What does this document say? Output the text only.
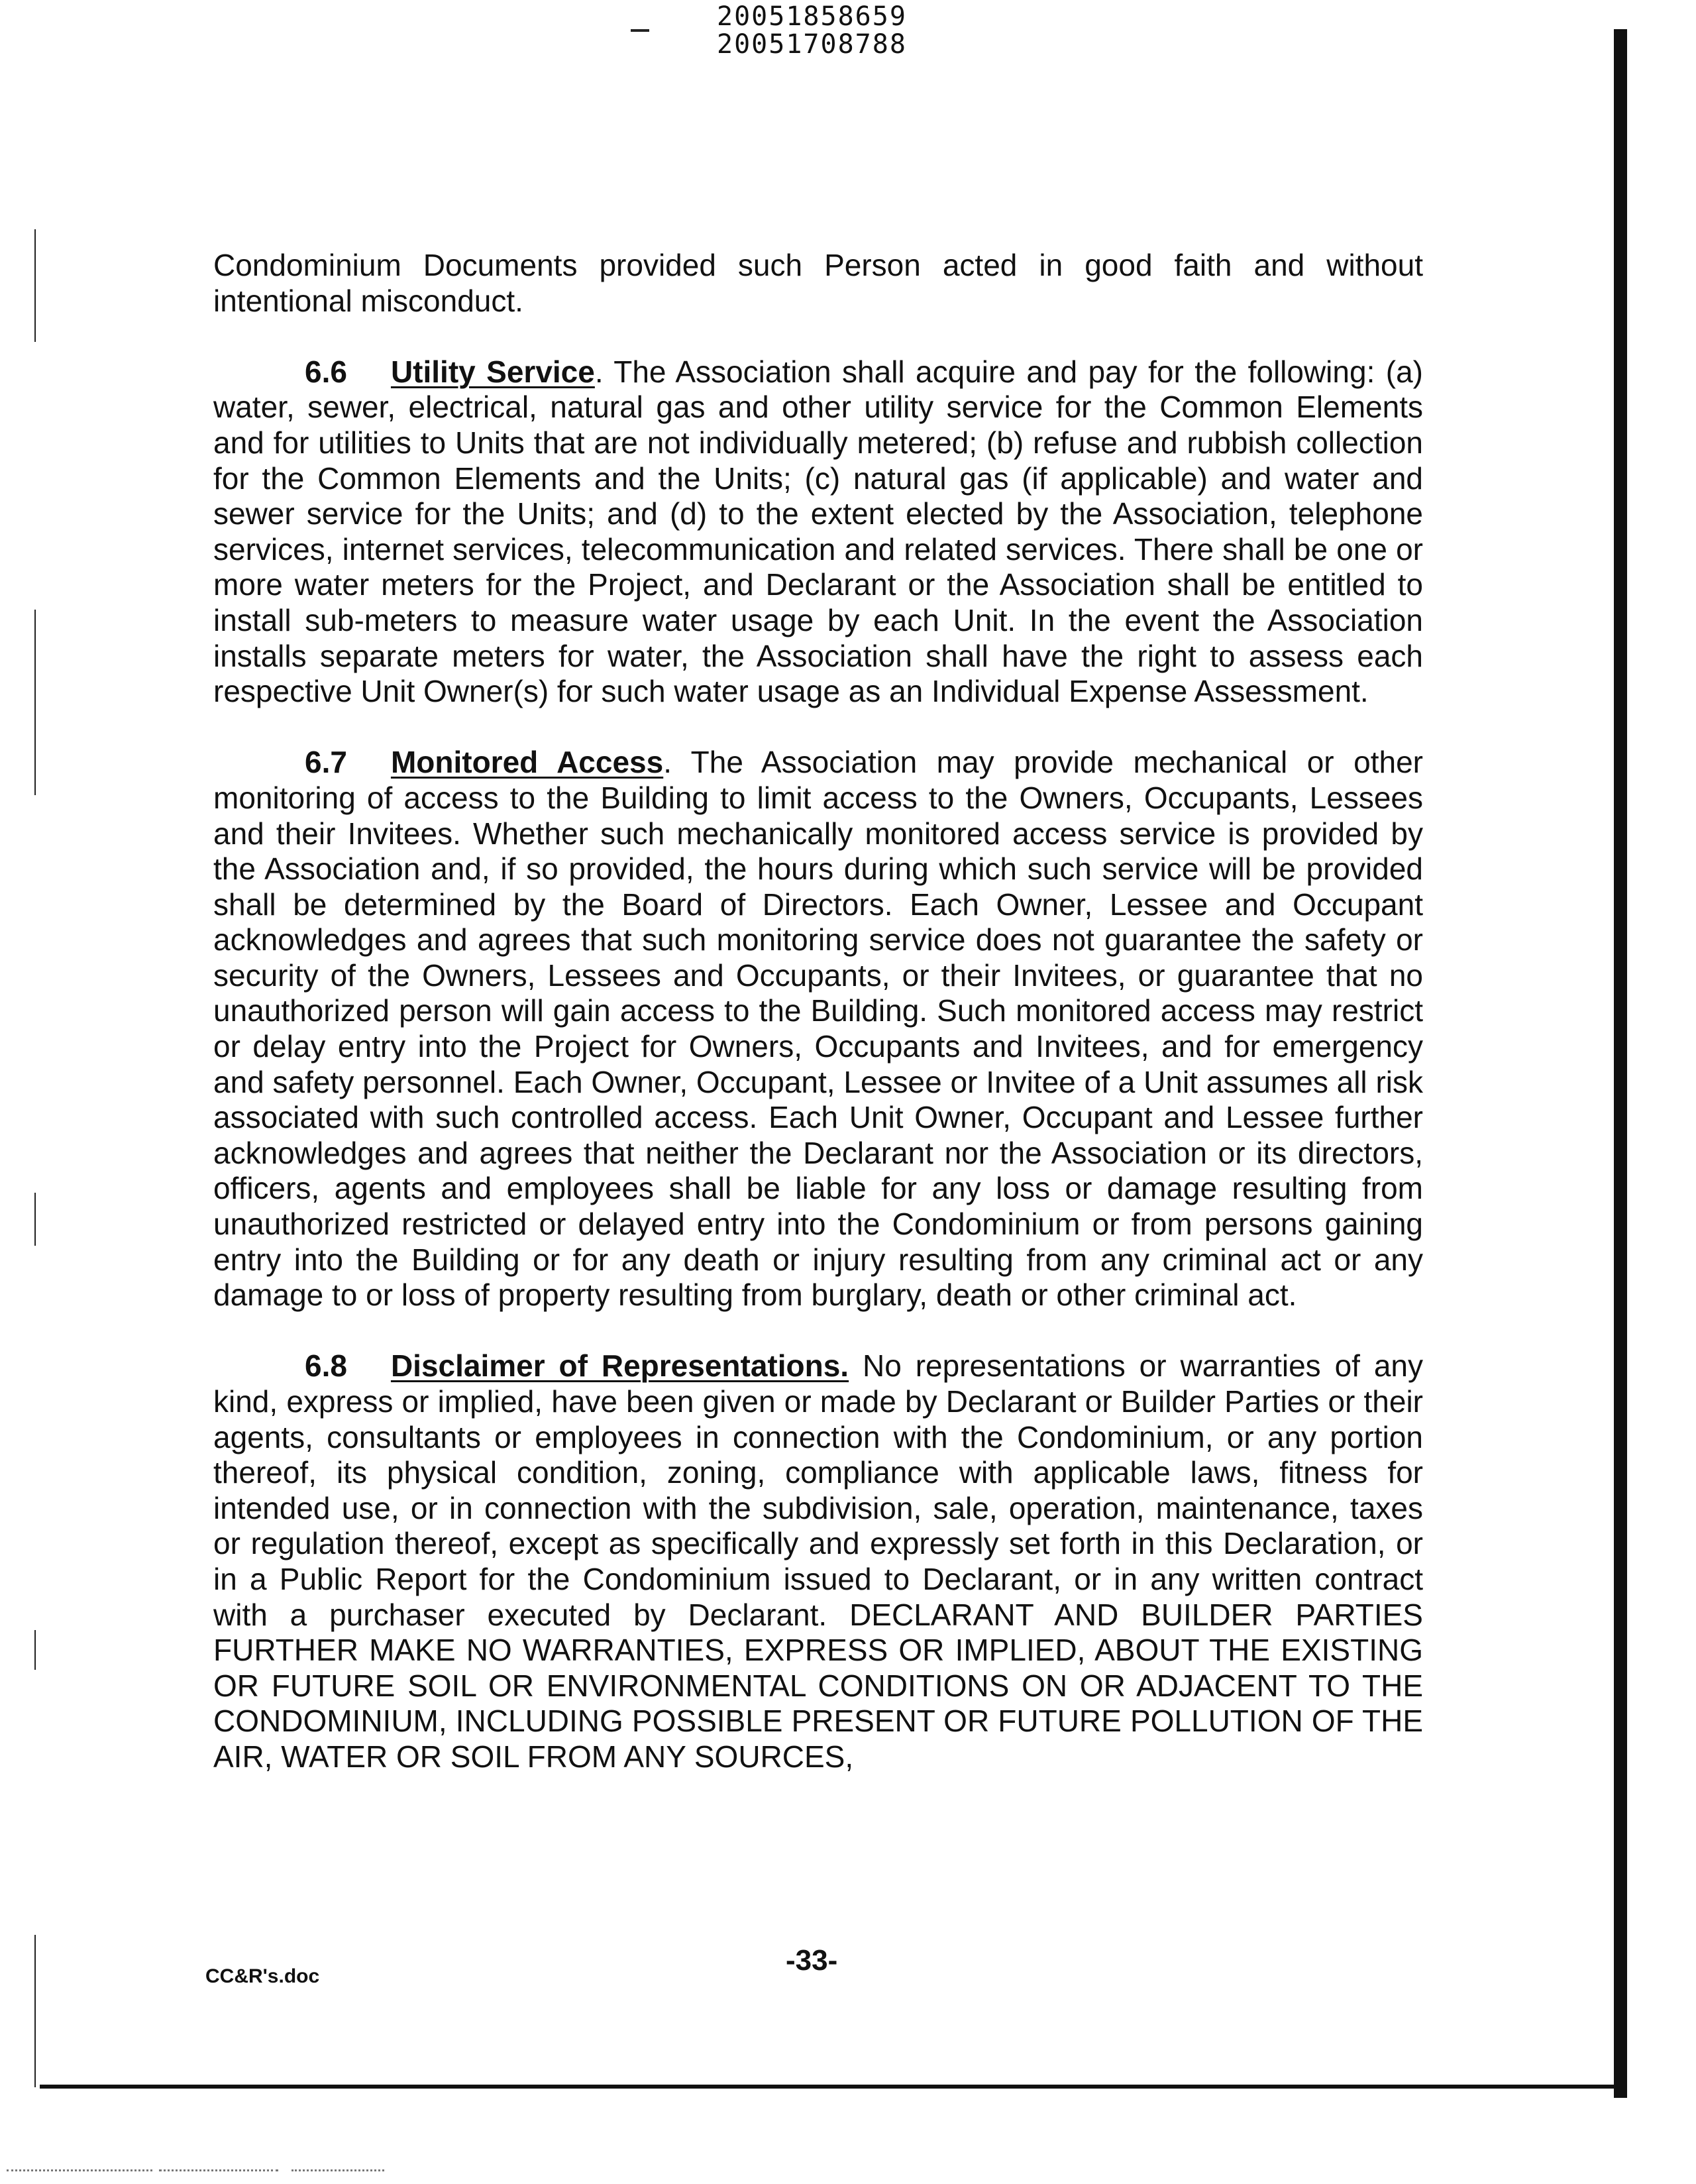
20051858659
20051708788

Condominium Documents provided such Person acted in good faith and without intentional misconduct.

6.6 Utility Service. The Association shall acquire and pay for the following: (a) water, sewer, electrical, natural gas and other utility service for the Common Elements and for utilities to Units that are not individually metered; (b) refuse and rubbish collection for the Common Elements and the Units; (c) natural gas (if applicable) and water and sewer service for the Units; and (d) to the extent elected by the Association, telephone services, internet services, telecommunication and related services. There shall be one or more water meters for the Project, and Declarant or the Association shall be entitled to install sub-meters to measure water usage by each Unit. In the event the Association installs separate meters for water, the Association shall have the right to assess each respective Unit Owner(s) for such water usage as an Individual Expense Assessment.

6.7 Monitored Access. The Association may provide mechanical or other monitoring of access to the Building to limit access to the Owners, Occupants, Lessees and their Invitees. Whether such mechanically monitored access service is provided by the Association and, if so provided, the hours during which such service will be provided shall be determined by the Board of Directors. Each Owner, Lessee and Occupant acknowledges and agrees that such monitoring service does not guarantee the safety or security of the Owners, Lessees and Occupants, or their Invitees, or guarantee that no unauthorized person will gain access to the Building. Such monitored access may restrict or delay entry into the Project for Owners, Occupants and Invitees, and for emergency and safety personnel. Each Owner, Occupant, Lessee or Invitee of a Unit assumes all risk associated with such controlled access. Each Unit Owner, Occupant and Lessee further acknowledges and agrees that neither the Declarant nor the Association or its directors, officers, agents and employees shall be liable for any loss or damage resulting from unauthorized restricted or delayed entry into the Condominium or from persons gaining entry into the Building or for any death or injury resulting from any criminal act or any damage to or loss of property resulting from burglary, death or other criminal act.

6.8 Disclaimer of Representations. No representations or warranties of any kind, express or implied, have been given or made by Declarant or Builder Parties or their agents, consultants or employees in connection with the Condominium, or any portion thereof, its physical condition, zoning, compliance with applicable laws, fitness for intended use, or in connection with the subdivision, sale, operation, maintenance, taxes or regulation thereof, except as specifically and expressly set forth in this Declaration, or in a Public Report for the Condominium issued to Declarant, or in any written contract with a purchaser executed by Declarant. DECLARANT AND BUILDER PARTIES FURTHER MAKE NO WARRANTIES, EXPRESS OR IMPLIED, ABOUT THE EXISTING OR FUTURE SOIL OR ENVIRONMENTAL CONDITIONS ON OR ADJACENT TO THE CONDOMINIUM, INCLUDING POSSIBLE PRESENT OR FUTURE POLLUTION OF THE AIR, WATER OR SOIL FROM ANY SOURCES,

CC&R's.doc	-33-
